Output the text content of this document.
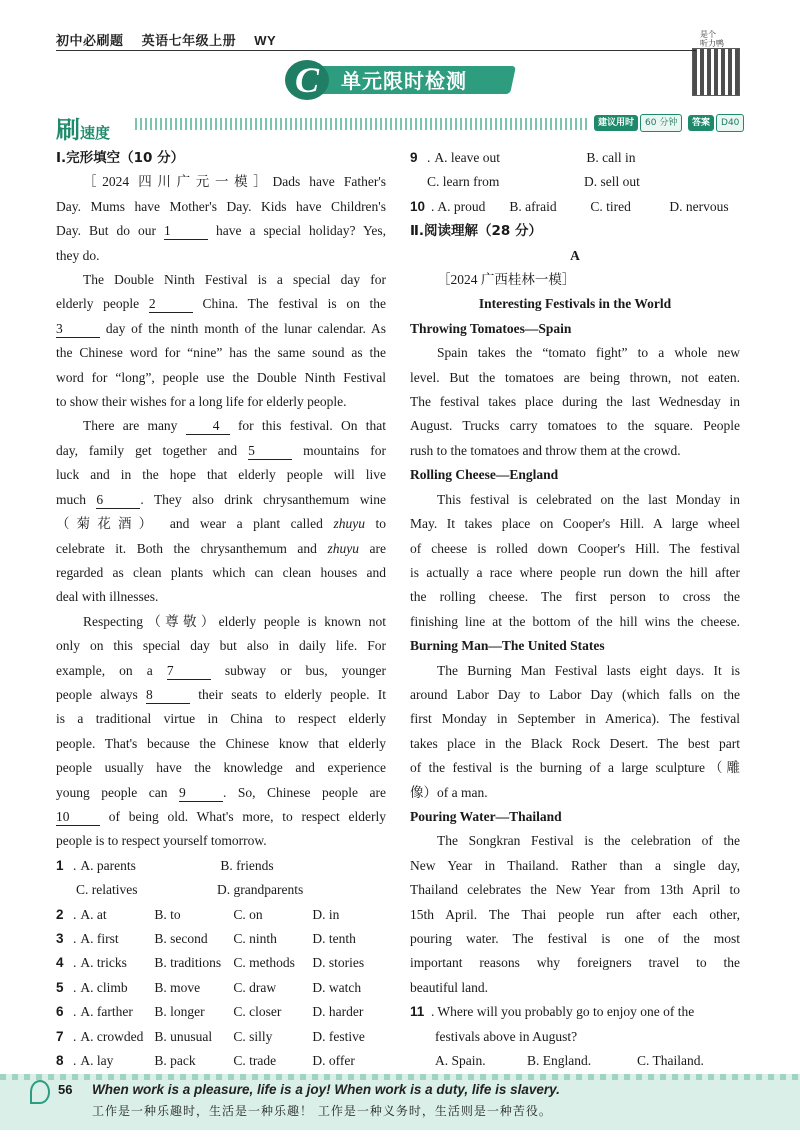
初中必刷题 英语七年级上册 WY	是个
听力鸭
C	单元限时检测
刷速度
建议用时 60 分钟	答案 D40

Ⅰ.完形填空（10 分）

［2024 四川广元一模］Dads have Father's

Day. Mums have Mother's Day. Kids have Children's

Day. But do our 1	have a special holiday? Yes,

they do.

The Double Ninth Festival is a special day for

elderly people 2	China. The festival is on the

3	day of the ninth month of the lunar calendar. As

the Chinese word for “nine” has the same sound as the

word for “long”, people use the Double Ninth Festival

to show their wishes for a long life for elderly people.

There are many	4 for this festival. On that

day, family get together and 5	mountains for

luck and in the hope that elderly people will live

much 6	. They also drink chrysanthemum wine

（菊花酒） and wear a plant called zhuyu to

celebrate it. Both the chrysanthemum and zhuyu are

regarded as clean plants which can clean houses and

deal with illnesses.

Respecting（尊敬）elderly people is known not

only on this special day but also in daily life. For

example, on a 7	subway or bus, younger

people always 8	their seats to elderly people. It

is a traditional virtue in China to respect elderly

people. That's because the Chinese know that elderly

people usually have the knowledge and experience

young people can 9	. So, Chinese people are

10	of being old. What's more, to respect elderly

people is to respect yourself tomorrow.

1 . A. parents	B. friends
C. relatives	D. grandparents
2 . A. at	B. to	C. on	D. in
3 . A. first	B. second	C. ninth	D. tenth
4 . A. tricks	B. traditions C. methods	D. stories
5 . A. climb	B. move	C. draw	D. watch
6 . A. farther	B. longer	C. closer	D. harder
7 . A. crowded B. unusual	C. silly	D. festive
8 . A. lay	B. pack	C. trade	D. offer
9 . A. leave out	B. call in
C. learn from	D. sell out
10 . A. proud	B. afraid	C. tired	D. nervous

Ⅱ.阅读理解（28 分）

A

［2024 广西桂林一模］

Interesting Festivals in the World

Throwing Tomatoes—Spain

Spain takes the “tomato fight” to a whole new

level. But the tomatoes are being thrown, not eaten.

The festival takes place during the last Wednesday in

August. Trucks carry tomatoes to the square. People

rush to the tomatoes and throw them at the crowd.

Rolling Cheese—England

This festival is celebrated on the last Monday in

May. It takes place on Cooper's Hill. A large wheel

of cheese is rolled down Cooper's Hill. The festival

is actually a race where people run down the hill after

the rolling cheese. The first person to cross the

finishing line at the bottom of the hill wins the cheese.

Burning Man—The United States

The Burning Man Festival lasts eight days. It is

around Labor Day to Labor Day (which falls on the

first Monday in September in America). The festival

takes place in the Black Rock Desert. The best part

of the festival is the burning of a large sculpture（雕

像）of a man.

Pouring Water—Thailand

The Songkran Festival is the celebration of the

New Year in Thailand. Rather than a single day,

Thailand celebrates the New Year from 13th April to

15th April. The Thai people run after each other,

pouring water. The festival is one of the most

important reasons why foreigners travel to the

beautiful land.

11 . Where will you probably go to enjoy one of the

festivals above in August?

A. Spain.	B. England.	C. Thailand.
56 When work is a pleasure, life is a joy! When work is a duty, life is slavery.
工作是一种乐趣时，生活是一种乐趣！ 工作是一种义务时，生活则是一种苦役。
